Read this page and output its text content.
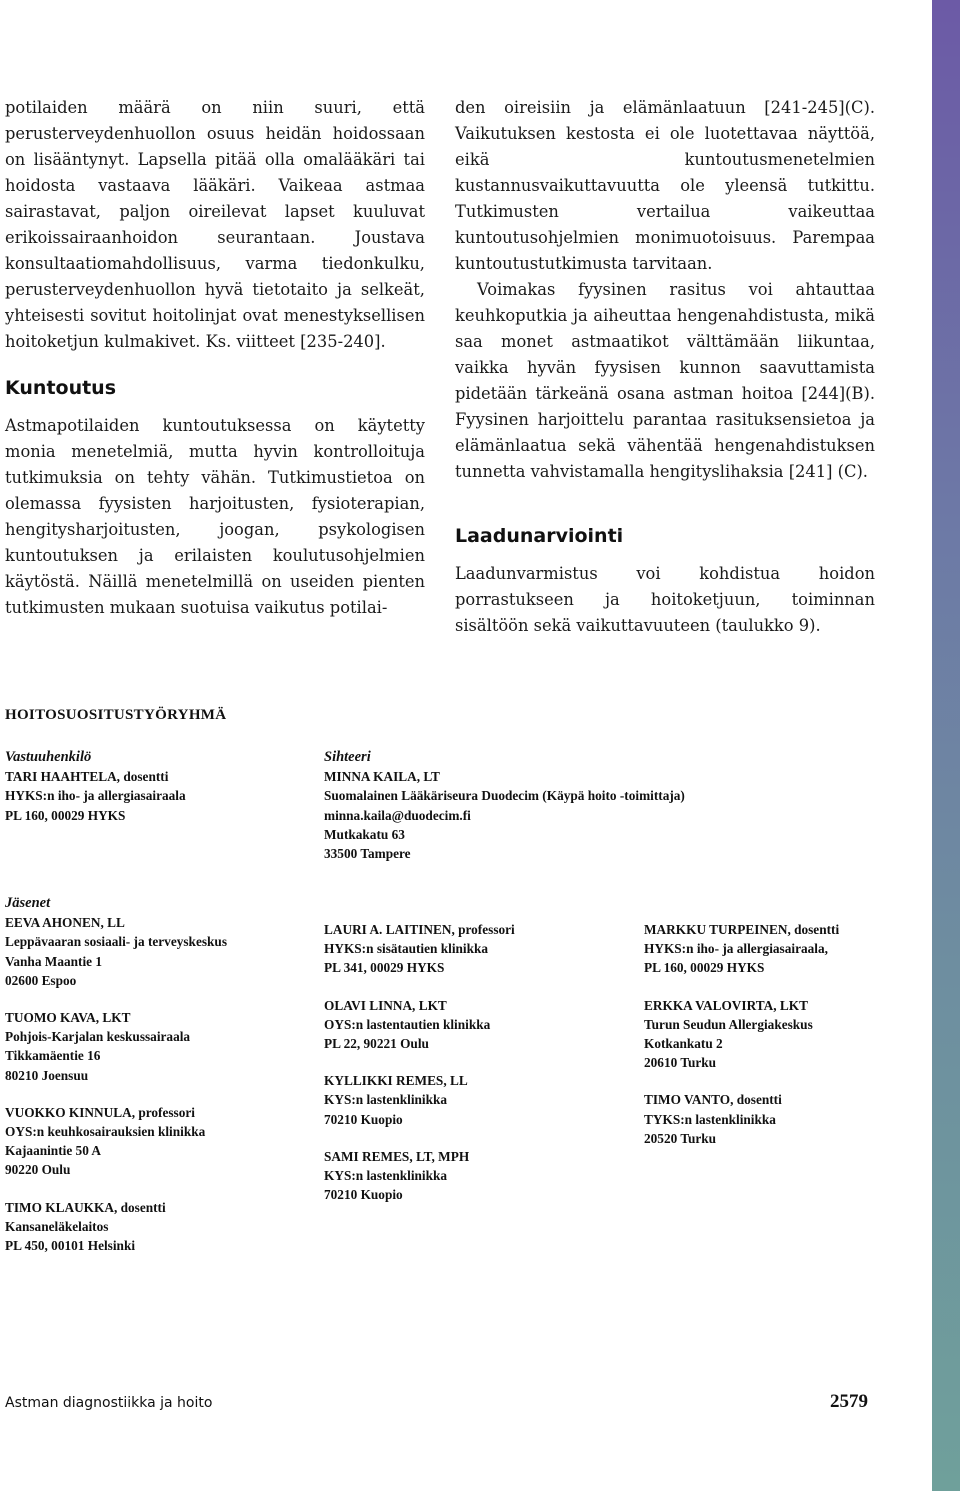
potilaiden määrä on niin suuri, että perusterveydenhuollon osuus heidän hoidossaan on lisääntynyt. Lapsella pitää olla omalääkäri tai hoidosta vastaava lääkäri. Vaikeaa astmaa sairastavat, paljon oireilevat lapset kuuluvat erikoissairaanhoidon seurantaan. Joustava konsultaatiomahdollisuus, varma tiedonkulku, perusterveydenhuollon hyvä tietotaito ja selkeät, yhteisesti sovitut hoitolinjat ovat menestyksellisen hoitoketjun kulmakivet. Ks. viitteet [235-240].

Kuntoutus

Astmapotilaiden kuntoutuksessa on käytetty monia menetelmiä, mutta hyvin kontrolloituja tutkimuksia on tehty vähän. Tutkimustietoa on olemassa fyysisten harjoitusten, fysioterapian, hengitysharjoitusten, joogan, psykologisen kuntoutuksen ja erilaisten koulutusohjelmien käytöstä. Näillä menetelmillä on useiden pienten tutkimusten mukaan suotuisa vaikutus potilai-

den oireisiin ja elämänlaatuun [241-245](C). Vaikutuksen kestosta ei ole luotettavaa näyttöä, eikä kuntoutusmenetelmien kustannusvaikuttavuutta ole yleensä tutkittu. Tutkimusten vertailua vaikeuttaa kuntoutusohjelmien monimuotoisuus. Parempaa kuntoutustutkimusta tarvitaan.

Voimakas fyysinen rasitus voi ahtauttaa keuhkoputkia ja aiheuttaa hengenahdistusta, mikä saa monet astmaatikot välttämään liikuntaa, vaikka hyvän fyysisen kunnon saavuttamista pidetään tärkeänä osana astman hoitoa [244](B). Fyysinen harjoittelu parantaa rasituksensietoa ja elämänlaatua sekä vähentää hengenahdistuksen tunnetta vahvistamalla hengityslihaksia [241] (C).

Laadunarviointi

Laadunvarmistus voi kohdistua hoidon porrastukseen ja hoitoketjuun, toiminnan sisältöön sekä vaikuttavuuteen (taulukko 9).

HOITOSUOSITUSTYÖRYHMÄ
Vastuuhenkilö
TARI HAAHTELA, dosentti
HYKS:n iho- ja allergiasairaala
PL 160, 00029 HYKS
Sihteeri
MINNA KAILA, LT
Suomalainen Lääkäriseura Duodecim (Käypä hoito -toimittaja)
minna.kaila@duodecim.fi
Mutkakatu 63
33500 Tampere
Jäsenet
EEVA AHONEN, LL
Leppävaaran sosiaali- ja terveyskeskus
Vanha Maantie 1
02600 Espoo
TUOMO KAVA, LKT
Pohjois-Karjalan keskussairaala
Tikkamäentie 16
80210 Joensuu
VUOKKO KINNULA, professori
OYS:n keuhkosairauksien klinikka
Kajaanintie 50 A
90220 Oulu
TIMO KLAUKKA, dosentti
Kansaneläkelaitos
PL 450, 00101 Helsinki
LAURI A. LAITINEN, professori
HYKS:n sisätautien klinikka
PL 341, 00029 HYKS
OLAVI LINNA, LKT
OYS:n lastentautien klinikka
PL 22, 90221 Oulu
KYLLIKKI REMES, LL
KYS:n lastenklinikka
70210 Kuopio
SAMI REMES, LT, MPH
KYS:n lastenklinikka
70210 Kuopio
MARKKU TURPEINEN, dosentti
HYKS:n iho- ja allergiasairaala,
PL 160, 00029 HYKS
ERKKA VALOVIRTA, LKT
Turun Seudun Allergiakeskus
Kotkankatu 2
20610 Turku
TIMO VANTO, dosentti
TYKS:n lastenklinikka
20520 Turku
Astman diagnostiikka ja hoito	2579
